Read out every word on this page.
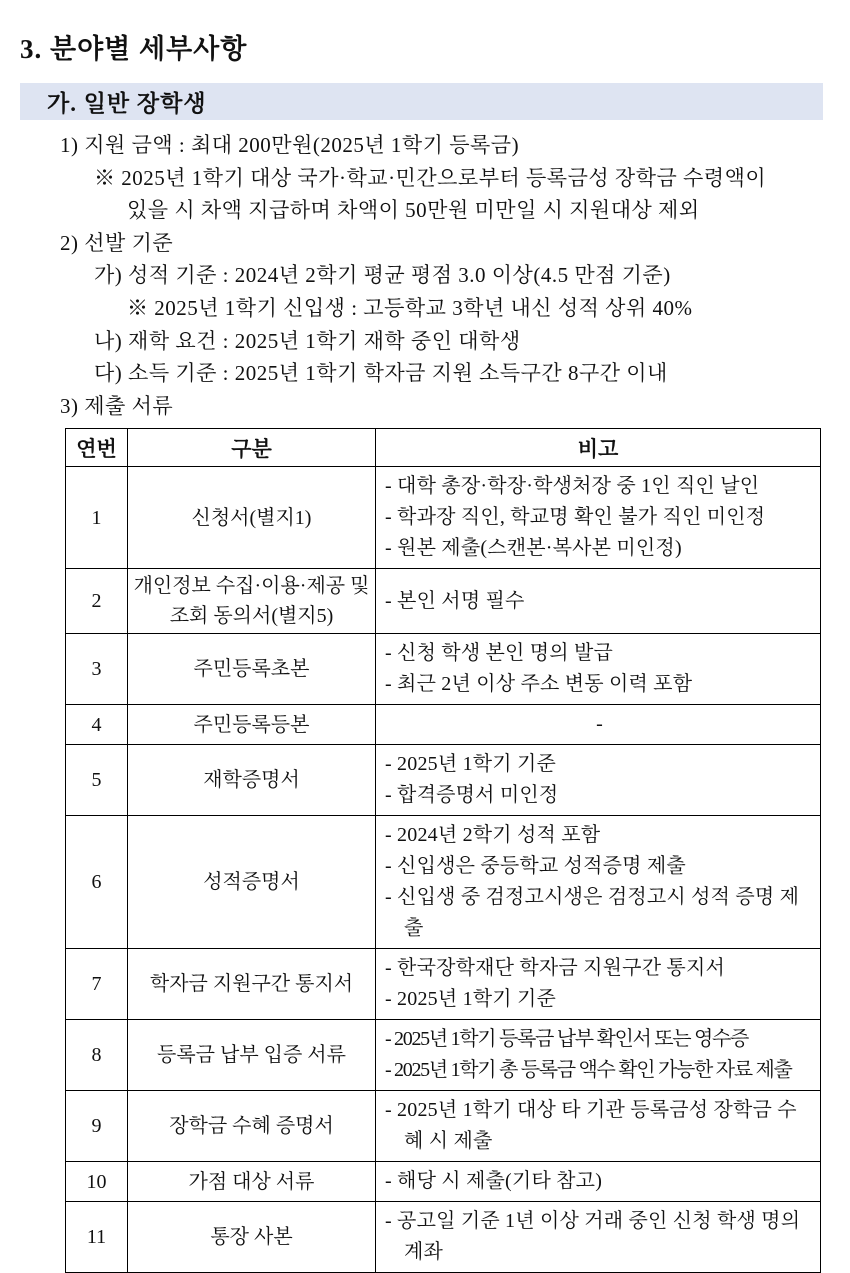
3. 분야별 세부사항
가. 일반 장학생
1) 지원 금액 : 최대 200만원(2025년 1학기 등록금)
※ 2025년 1학기 대상 국가·학교·민간으로부터 등록금성 장학금 수령액이
있을 시 차액 지급하며 차액이 50만원 미만일 시 지원대상 제외
2) 선발 기준
가) 성적 기준 : 2024년 2학기 평균 평점 3.0 이상(4.5 만점 기준)
※ 2025년 1학기 신입생 : 고등학교 3학년 내신 성적 상위 40%
나) 재학 요건 : 2025년 1학기 재학 중인 대학생
다) 소득 기준 : 2025년 1학기 학자금 지원 소득구간 8구간 이내
3) 제출 서류
연번	구분	비고
1	신청서(별지1)	- 대학 총장·학장·학생처장 중 1인 직인 날인
- 학과장 직인, 학교명 확인 불가 직인 미인정
- 원본 제출(스캔본·복사본 미인정)

2	개인정보 수집·이용·제공 및 조회 동의서(별지5)	- 본인 서명 필수

3	주민등록초본	- 신청 학생 본인 명의 발급
- 최근 2년 이상 주소 변동 이력 포함

4	주민등록등본	-

5	재학증명서	- 2025년 1학기 기준
- 합격증명서 미인정

6	성적증명서	- 2024년 2학기 성적 포함
- 신입생은 중등학교 성적증명 제출
- 신입생 중 검정고시생은 검정고시 성적 증명 제출

7	학자금 지원구간 통지서	- 한국장학재단 학자금 지원구간 통지서
- 2025년 1학기 기준

8	등록금 납부 입증 서류	- 2025년 1학기 등록금 납부 확인서 또는 영수증
- 2025년 1학기 총 등록금 액수 확인 가능한 자료 제출

9	장학금 수혜 증명서	- 2025년 1학기 대상 타 기관 등록금성 장학금 수혜 시 제출

10	가점 대상 서류	- 해당 시 제출(기타 참고)

11	통장 사본	- 공고일 기준 1년 이상 거래 중인 신청 학생 명의 계좌
